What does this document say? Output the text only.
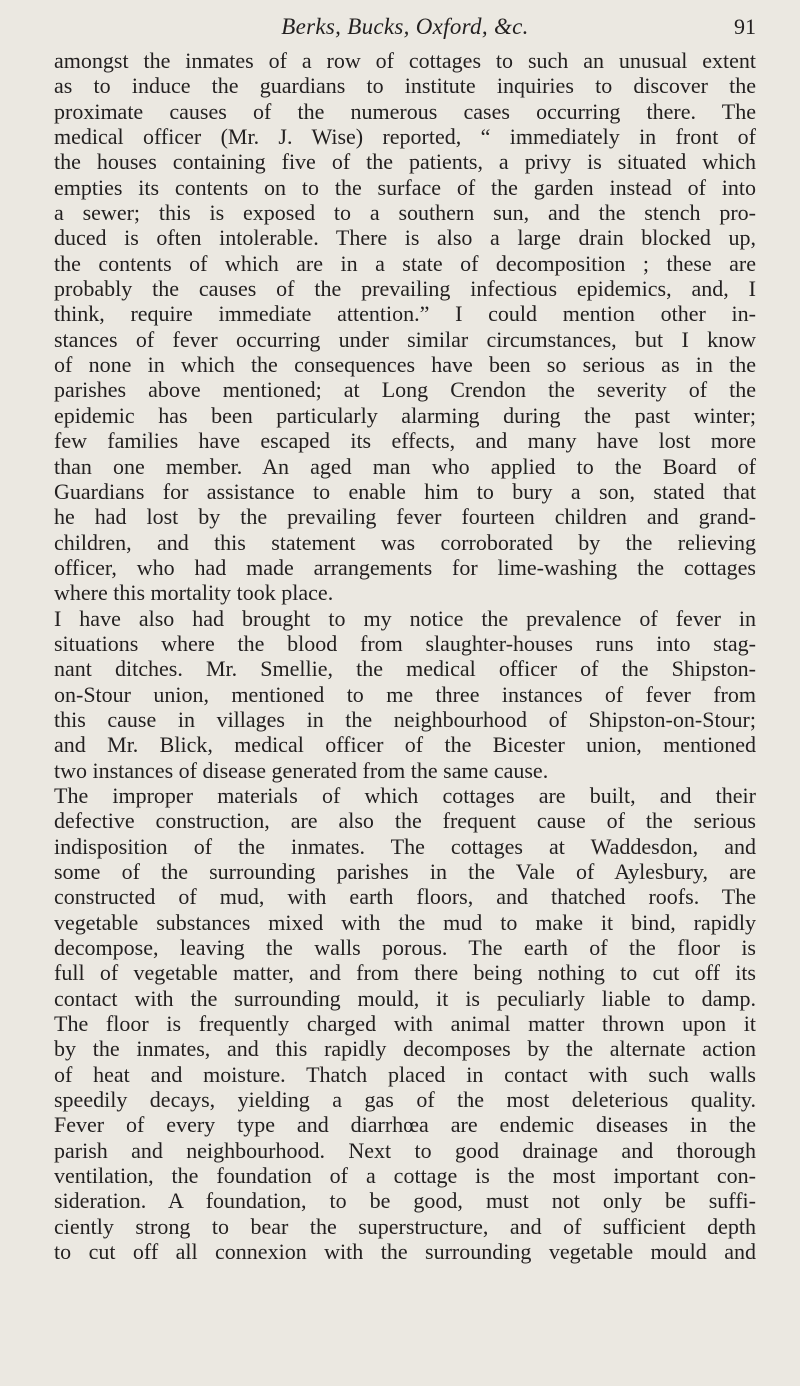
Berks, Bucks, Oxford, &c.	91
amongst the inmates of a row of cottages to such an unusual extent
as to induce the guardians to institute inquiries to discover the
proximate causes of the numerous cases occurring there. The
medical officer (Mr. J. Wise) reported, “ immediately in front of
the houses containing five of the patients, a privy is situated which
empties its contents on to the surface of the garden instead of into
a sewer; this is exposed to a southern sun, and the stench pro-
duced is often intolerable. There is also a large drain blocked up,
the contents of which are in a state of decomposition ; these are
probably the causes of the prevailing infectious epidemics, and, I
think, require immediate attention.” I could mention other in-
stances of fever occurring under similar circumstances, but I know
of none in which the consequences have been so serious as in the
parishes above mentioned; at Long Crendon the severity of the
epidemic has been particularly alarming during the past winter;
few families have escaped its effects, and many have lost more
than one member. An aged man who applied to the Board of
Guardians for assistance to enable him to bury a son, stated that
he had lost by the prevailing fever fourteen children and grand-
children, and this statement was corroborated by the relieving
officer, who had made arrangements for lime-washing the cottages
where this mortality took place.
I have also had brought to my notice the prevalence of fever in
situations where the blood from slaughter-houses runs into stag-
nant ditches. Mr. Smellie, the medical officer of the Shipston-
on-Stour union, mentioned to me three instances of fever from
this cause in villages in the neighbourhood of Shipston-on-Stour;
and Mr. Blick, medical officer of the Bicester union, mentioned
two instances of disease generated from the same cause.
The improper materials of which cottages are built, and their
defective construction, are also the frequent cause of the serious
indisposition of the inmates. The cottages at Waddesdon, and
some of the surrounding parishes in the Vale of Aylesbury, are
constructed of mud, with earth floors, and thatched roofs. The
vegetable substances mixed with the mud to make it bind, rapidly
decompose, leaving the walls porous. The earth of the floor is
full of vegetable matter, and from there being nothing to cut off its
contact with the surrounding mould, it is peculiarly liable to damp.
The floor is frequently charged with animal matter thrown upon it
by the inmates, and this rapidly decomposes by the alternate action
of heat and moisture. Thatch placed in contact with such walls
speedily decays, yielding a gas of the most deleterious quality.
Fever of every type and diarrhœa are endemic diseases in the
parish and neighbourhood. Next to good drainage and thorough
ventilation, the foundation of a cottage is the most important con-
sideration. A foundation, to be good, must not only be suffi-
ciently strong to bear the superstructure, and of sufficient depth
to cut off all connexion with the surrounding vegetable mould and
